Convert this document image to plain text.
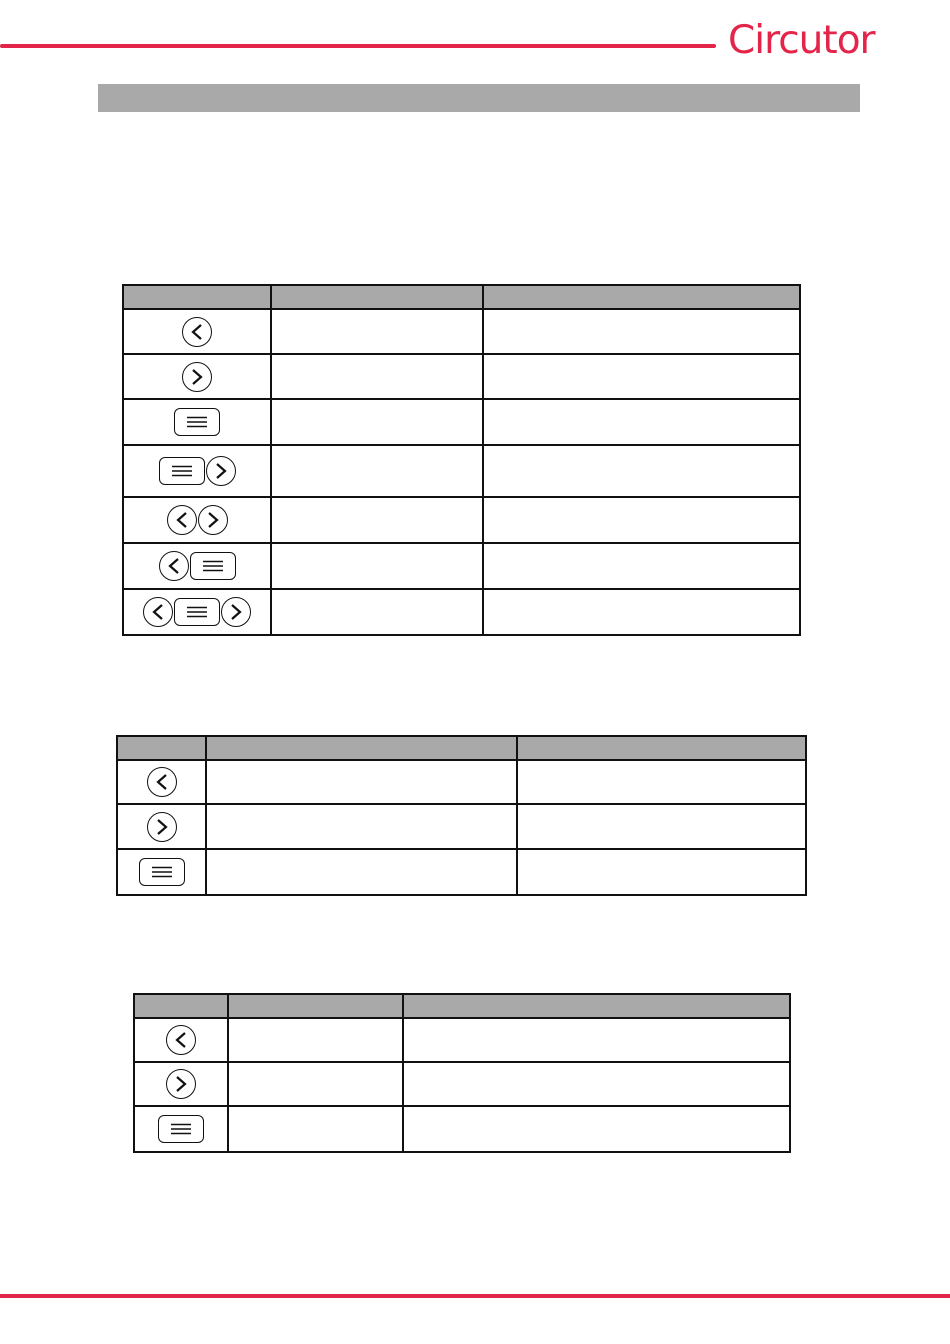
Circutor
